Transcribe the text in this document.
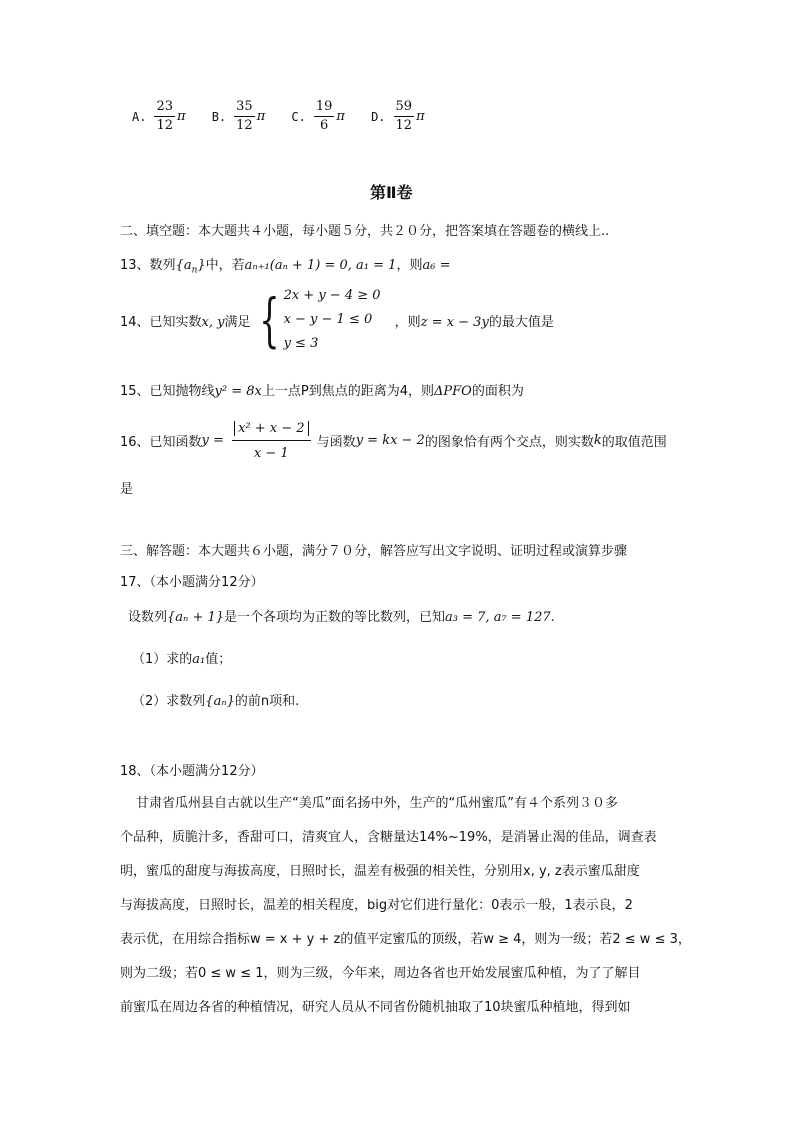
A. $\frac{23}{12}$ π
B. $\frac{35}{12}$ π
C. $\frac{19}{6}$ π
D. $\frac{59}{12}$ π
第Ⅱ卷
二、填空题：本大题共４小题，每小题５分，共２０分，把答案填在答题卷的横线上..
13、数列$\{a_n\}$中，若aₙ₊₁(aₙ + 1) = 0, a₁ = 1，则a₆ =
14、已知实数x, y满足 { 2x + y − 4 ≥ 0
x − y − 1 ≤ 0
y ≤ 3
，则z = x − 3y的最大值是
15、已知抛物线y² = 8x上一点P到焦点的距离为4，则ΔPFO的面积为
16、已知函数$y = \frac{\text{x² + x − 2}}{x - 1}$ 与函数y = kx − 2的图象恰有两个交点，则实数k的取值范围
是
三、解答题：本大题共６小题，满分７０分，解答应写出文字说明、证明过程或演算步骤
17、（本小题满分12分）
设数列{aₙ + 1}是一个各项均为正数的等比数列，已知a₃ = 7, a₇ = 127.
（1）求的a₁值；
（2）求数列{aₙ}的前n项和.
18、（本小题满分12分）
甘肃省瓜州县自古就以生产“美瓜”面名扬中外，生产的“瓜州蜜瓜”有４个系列３０多
个品种，质脆汁多，香甜可口，清爽宜人，含糖量达14%~19%，是消暑止渴的佳品，调查表
明，蜜瓜的甜度与海拔高度，日照时长，温差有极强的相关性，分别用x, y, z表示蜜瓜甜度
与海拔高度，日照时长，温差的相关程度，big对它们进行量化：0表示一般，1表示良，2
表示优，在用综合指标w = x + y + z的值平定蜜瓜的顶级，若w ≥ 4，则为一级；若2 ≤ w ≤ 3，
则为二级；若0 ≤ w ≤ 1，则为三级，今年来，周边各省也开始发展蜜瓜种植，为了了解目
前蜜瓜在周边各省的种植情况，研究人员从不同省份随机抽取了10块蜜瓜种植地，得到如
